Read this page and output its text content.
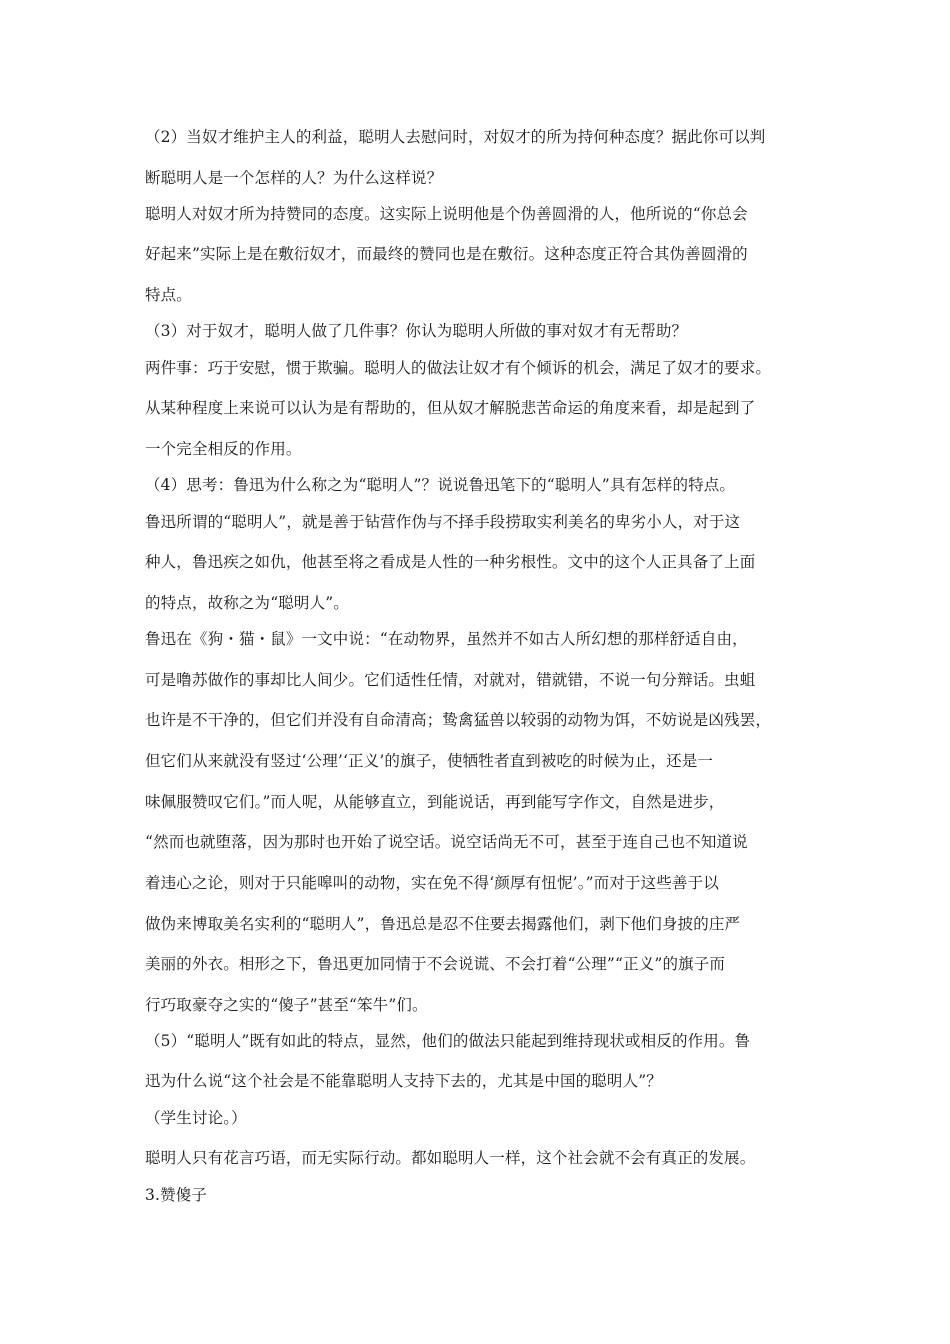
（2）当奴才维护主人的利益，聪明人去慰问时，对奴才的所为持何种态度？据此你可以判
断聪明人是一个怎样的人？为什么这样说？
聪明人对奴才所为持赞同的态度。这实际上说明他是个伪善圆滑的人，他所说的“你总会
好起来”实际上是在敷衍奴才，而最终的赞同也是在敷衍。这种态度正符合其伪善圆滑的
特点。
（3）对于奴才，聪明人做了几件事？你认为聪明人所做的事对奴才有无帮助？
两件事：巧于安慰，惯于欺骗。聪明人的做法让奴才有个倾诉的机会，满足了奴才的要求。
从某种程度上来说可以认为是有帮助的，但从奴才解脱悲苦命运的角度来看，却是起到了
一个完全相反的作用。
（4）思考：鲁迅为什么称之为“聪明人”？说说鲁迅笔下的“聪明人”具有怎样的特点。
鲁迅所谓的“聪明人”，就是善于钻营作伪与不择手段捞取实利美名的卑劣小人，对于这
种人，鲁迅疾之如仇，他甚至将之看成是人性的一种劣根性。文中的这个人正具备了上面
的特点，故称之为“聪明人”。
鲁迅在《狗・猫・鼠》一文中说：“在动物界，虽然并不如古人所幻想的那样舒适自由，
可是噜苏做作的事却比人间少。它们适性任情，对就对，错就错，不说一句分辩话。虫蛆
也许是不干净的，但它们并没有自命清高；鸷禽猛兽以较弱的动物为饵，不妨说是凶残罢，
但它们从来就没有竖过‘公理’‘正义’的旗子，使牺牲者直到被吃的时候为止，还是一
味佩服赞叹它们。”而人呢，从能够直立，到能说话，再到能写字作文，自然是进步，
“然而也就堕落，因为那时也开始了说空话。说空话尚无不可，甚至于连自己也不知道说
着违心之论，则对于只能嗥叫的动物，实在免不得‘颜厚有忸怩’。”而对于这些善于以
做伪来博取美名实利的“聪明人”，鲁迅总是忍不住要去揭露他们，剥下他们身披的庄严
美丽的外衣。相形之下，鲁迅更加同情于不会说谎、不会打着“公理”“正义”的旗子而
行巧取豪夺之实的“傻子”甚至“笨牛”们。
（5）“聪明人”既有如此的特点，显然，他们的做法只能起到维持现状或相反的作用。鲁
迅为什么说“这个社会是不能靠聪明人支持下去的，尤其是中国的聪明人”？
（学生讨论。）
聪明人只有花言巧语，而无实际行动。都如聪明人一样，这个社会就不会有真正的发展。
3.赞傻子
